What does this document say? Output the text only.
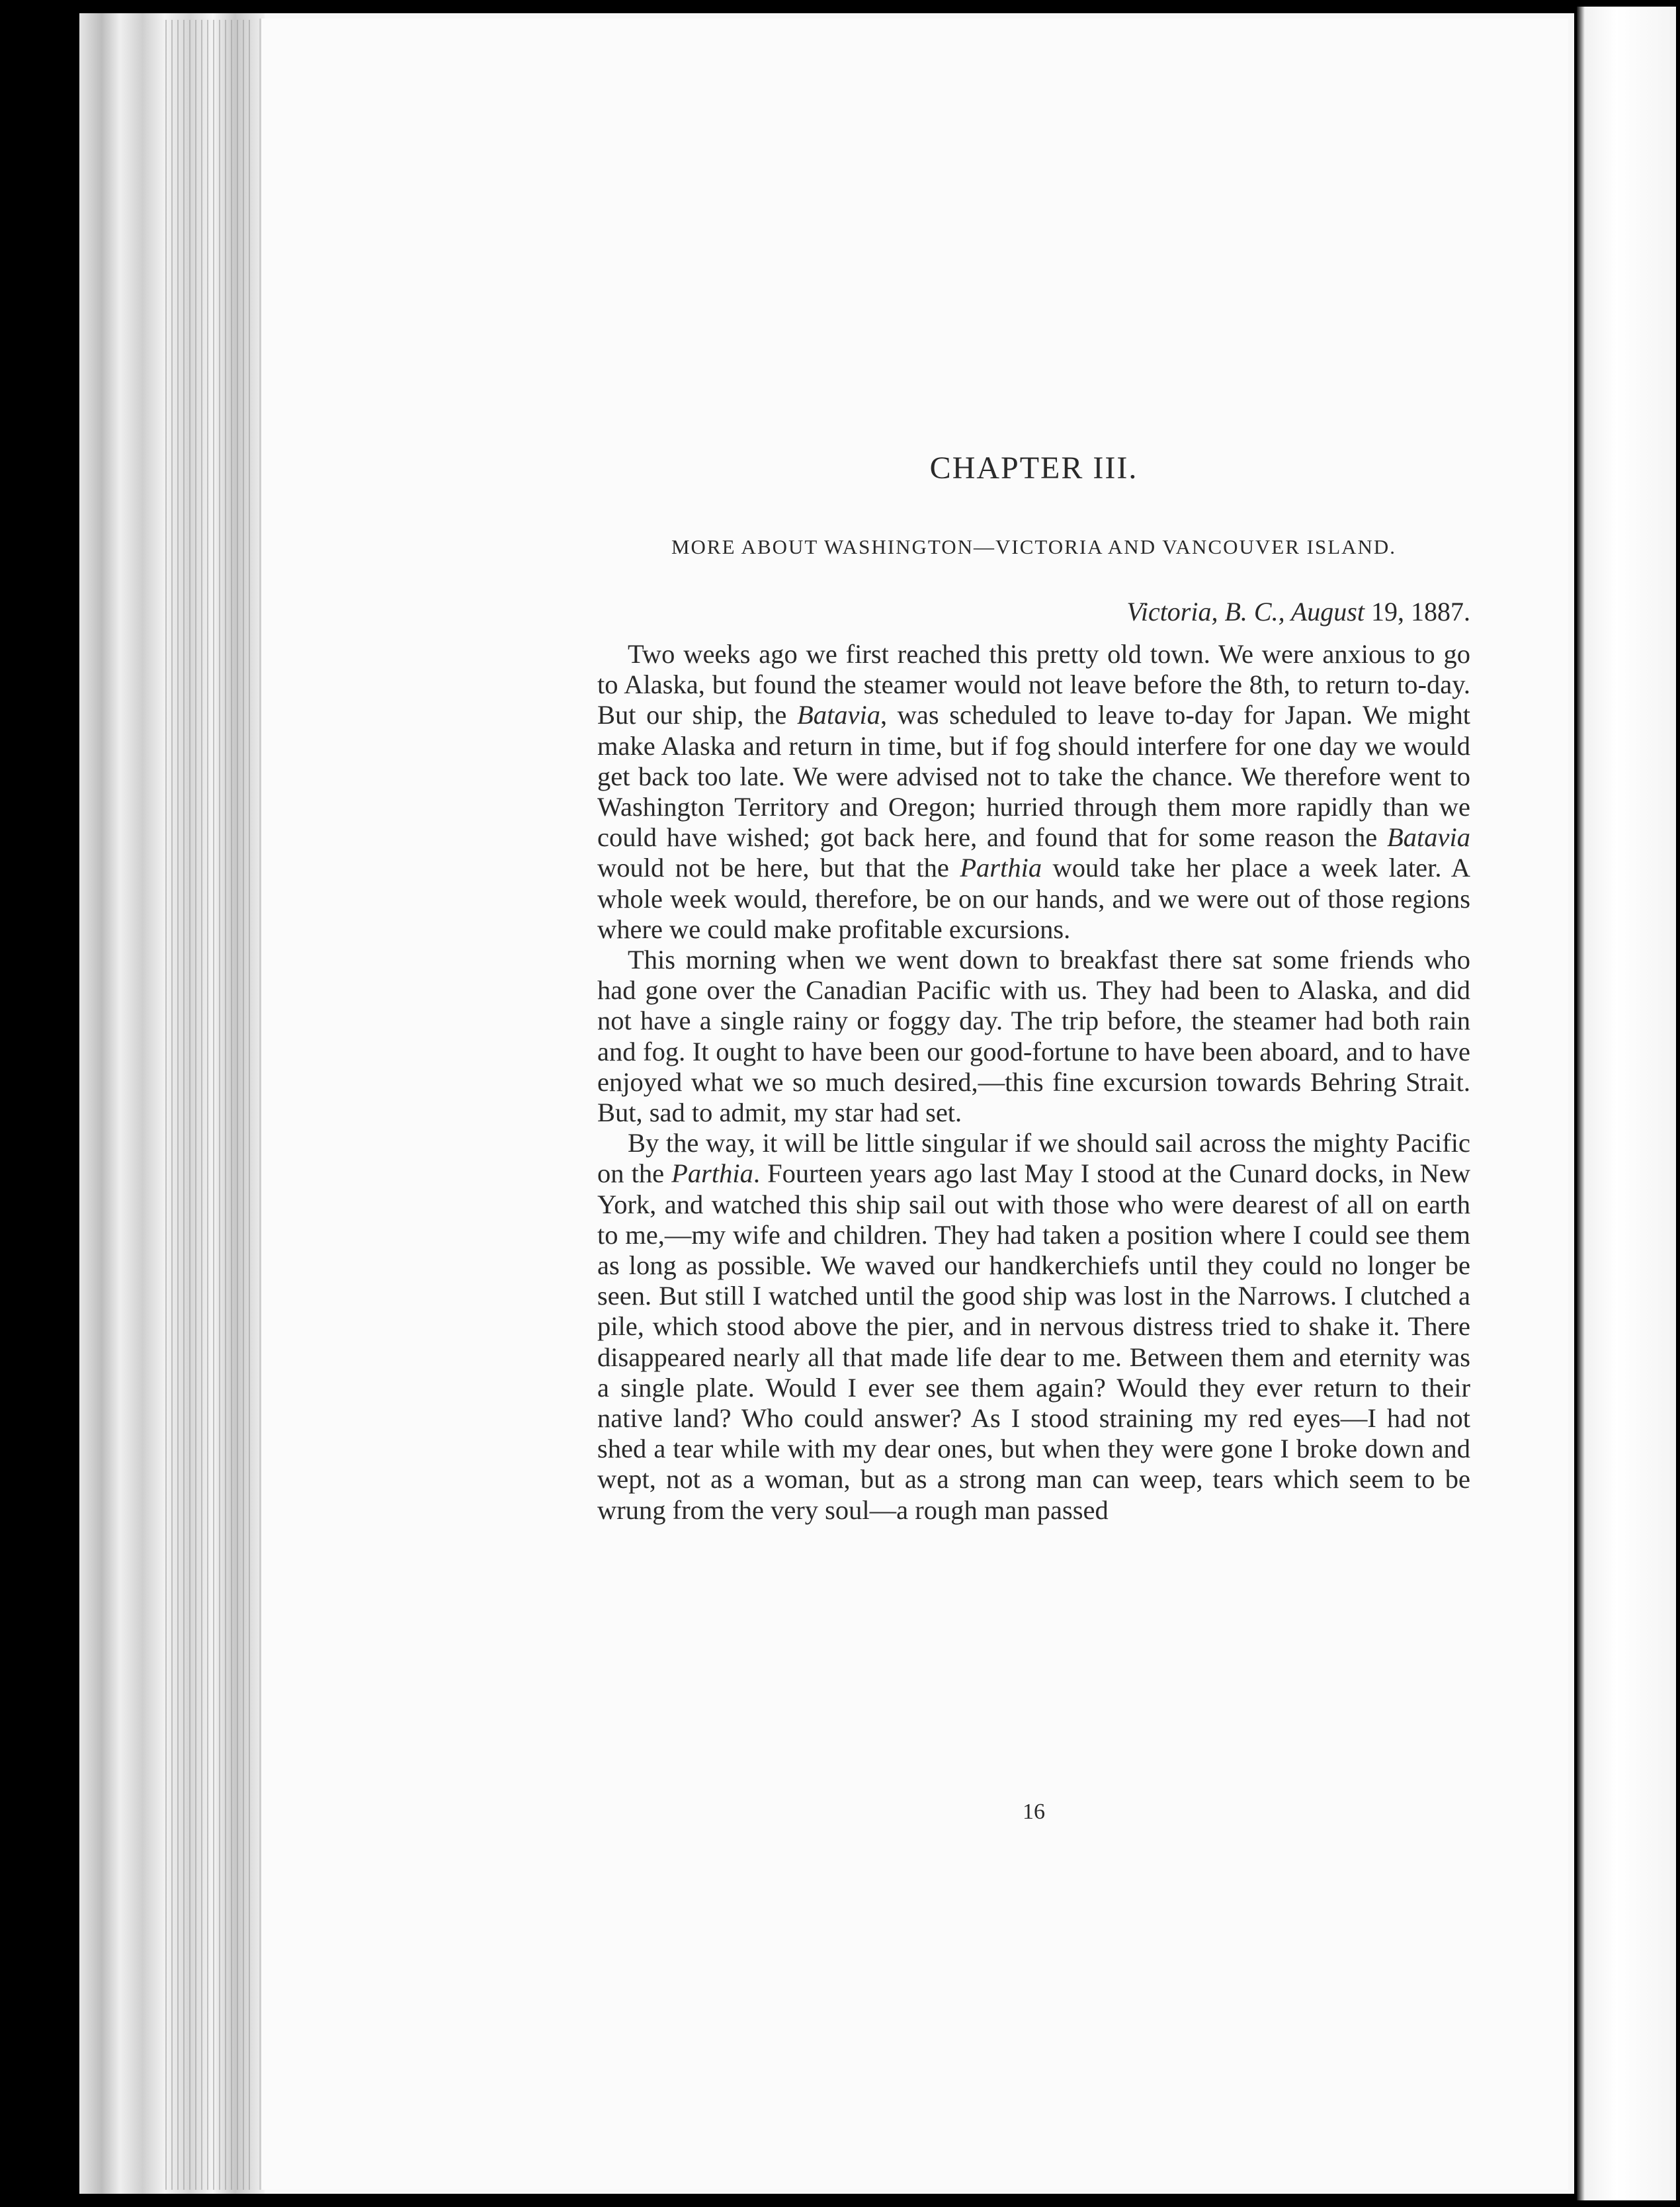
CHAPTER III.
MORE ABOUT WASHINGTON—VICTORIA AND VANCOUVER ISLAND.
Victoria, B. C., August 19, 1887.

Two weeks ago we first reached this pretty old town. We were anxious to go to Alaska, but found the steamer would not leave before the 8th, to return to-day. But our ship, the Batavia, was scheduled to leave to-day for Japan. We might make Alaska and return in time, but if fog should interfere for one day we would get back too late. We were advised not to take the chance. We therefore went to Washington Territory and Oregon; hurried through them more rapidly than we could have wished; got back here, and found that for some reason the Batavia would not be here, but that the Parthia would take her place a week later. A whole week would, therefore, be on our hands, and we were out of those regions where we could make profitable excursions.

This morning when we went down to breakfast there sat some friends who had gone over the Canadian Pacific with us. They had been to Alaska, and did not have a single rainy or foggy day. The trip before, the steamer had both rain and fog. It ought to have been our good-fortune to have been aboard, and to have enjoyed what we so much desired,—this fine excursion towards Behring Strait. But, sad to admit, my star had set.

By the way, it will be little singular if we should sail across the mighty Pacific on the Parthia. Fourteen years ago last May I stood at the Cunard docks, in New York, and watched this ship sail out with those who were dearest of all on earth to me,—my wife and children. They had taken a position where I could see them as long as possible. We waved our handkerchiefs until they could no longer be seen. But still I watched until the good ship was lost in the Narrows. I clutched a pile, which stood above the pier, and in nervous distress tried to shake it. There disappeared nearly all that made life dear to me. Between them and eternity was a single plate. Would I ever see them again? Would they ever return to their native land? Who could answer? As I stood straining my red eyes—I had not shed a tear while with my dear ones, but when they were gone I broke down and wept, not as a woman, but as a strong man can weep, tears which seem to be wrung from the very soul—a rough man passed

16
